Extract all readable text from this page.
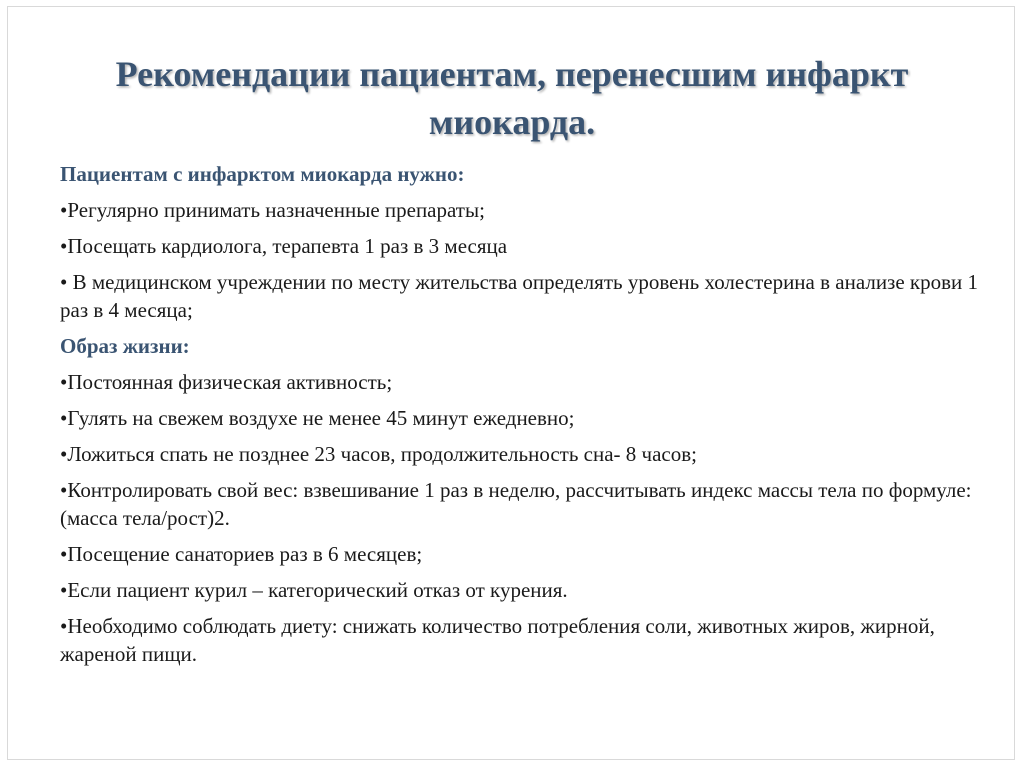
Рекомендации пациентам, перенесшим инфаркт
миокарда.
Пациентам с инфарктом миокарда нужно:
•Регулярно принимать назначенные препараты;
•Посещать кардиолога, терапевта 1 раз в 3 месяца
• В медицинском учреждении по месту жительства определять уровень холестерина в анализе крови 1 раз в 4 месяца;
Образ жизни:
•Постоянная физическая активность;
•Гулять на свежем воздухе не менее 45 минут ежедневно;
•Ложиться спать не позднее 23 часов, продолжительность сна- 8 часов;
•Контролировать свой вес: взвешивание 1 раз в неделю, рассчитывать индекс массы тела по формуле: (масса тела/рост)2.
•Посещение санаториев раз в 6 месяцев;
•Если пациент курил – категорический отказ от курения.
•Необходимо соблюдать диету: снижать количество потребления соли, животных жиров, жирной, жареной пищи.
